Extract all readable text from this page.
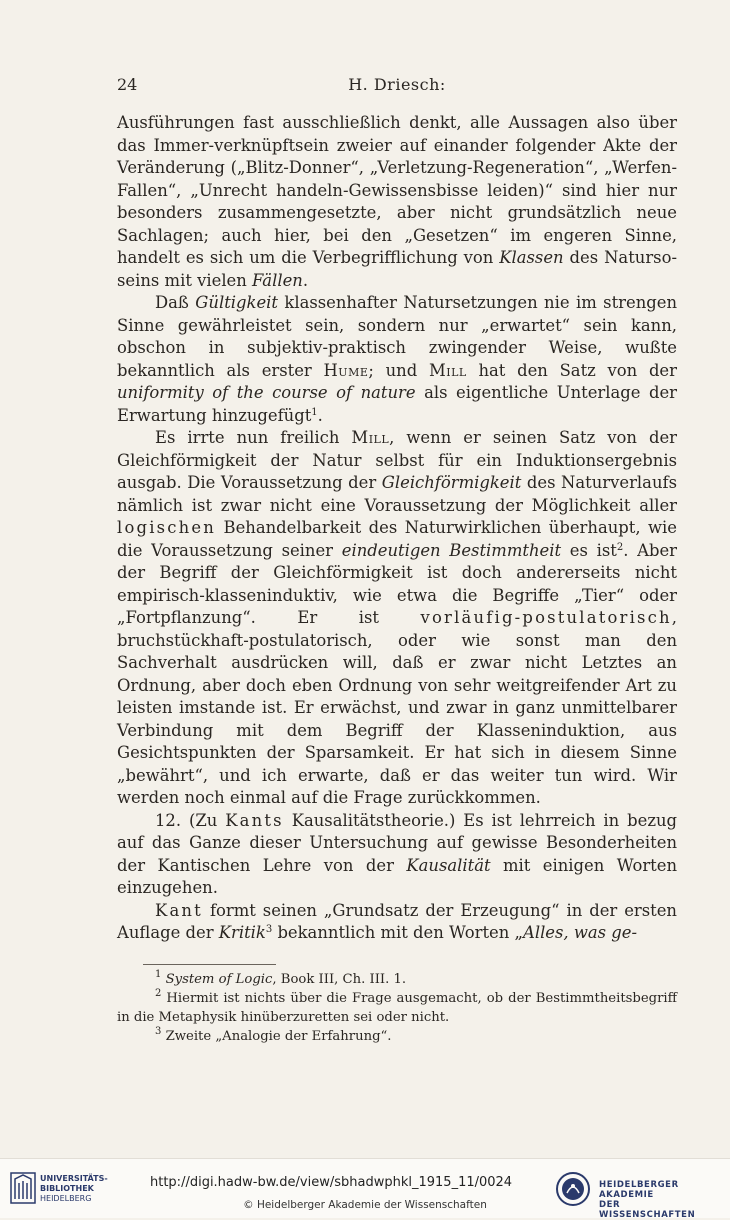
24	H. Driesch:

Ausführungen fast ausschließlich denkt, alle Aussagen also über das Immer-verknüpftsein zweier auf einander folgender Akte der Veränderung („Blitz-Donner“, „Verletzung-Regeneration“, „Werfen-Fallen“, „Unrecht handeln-Gewissensbisse leiden)“ sind hier nur besonders zusammengesetzte, aber nicht grundsätzlich neue Sachlagen; auch hier, bei den „Gesetzen“ im engeren Sinne, handelt es sich um die Verbegrifflichung von Klassen des Naturso-seins mit vielen Fällen.

Daß Gültigkeit klassenhafter Natursetzungen nie im strengen Sinne gewährleistet sein, sondern nur „erwartet“ sein kann, obschon in subjektiv-praktisch zwingender Weise, wußte bekanntlich als erster Hume; und Mill hat den Satz von der uniformity of the course of nature als eigentliche Unterlage der Erwartung hinzugefügt$^1$.

Es irrte nun freilich Mill, wenn er seinen Satz von der Gleichförmigkeit der Natur selbst für ein Induktionsergebnis ausgab. Die Voraussetzung der Gleichförmigkeit des Naturverlaufs nämlich ist zwar nicht eine Voraussetzung der Möglichkeit aller logischen Behandelbarkeit des Naturwirklichen überhaupt, wie die Voraussetzung seiner eindeutigen Bestimmtheit es ist$^2$. Aber der Begriff der Gleichförmigkeit ist doch andererseits nicht empirisch-klasseninduktiv, wie etwa die Begriffe „Tier“ oder „Fortpflanzung“. Er ist	vorläufig-postulatorisch, bruchstückhaft-postulatorisch, oder wie sonst man den Sachverhalt ausdrücken will, daß er zwar nicht Letztes an Ordnung, aber doch eben Ordnung von sehr weitgreifender Art zu leisten imstande ist. Er erwächst, und zwar in ganz unmittelbarer Verbindung mit dem Begriff der Klasseninduktion, aus Gesichtspunkten der Sparsamkeit. Er hat sich in diesem Sinne „bewährt“, und ich erwarte, daß er das weiter tun wird. Wir werden noch einmal auf die Frage zurückkommen.

12. (Zu Kants Kausalitätstheorie.) Es ist lehrreich in bezug auf das Ganze dieser Untersuchung auf gewisse Besonderheiten der Kantischen Lehre von der Kausalität mit einigen Worten einzugehen.

Kant formt seinen „Grundsatz der Erzeugung“ in der ersten Auflage der Kritik$^3$ bekanntlich mit den Worten „Alles, was ge-

$^1$ System of Logic, Book III, Ch. III. 1.

$^2$ Hiermit ist nichts über die Frage ausgemacht, ob der Bestimmtheitsbegriff in die Metaphysik hinüberzuretten sei oder nicht.

$^3$ Zweite „Analogie der Erfahrung“.

UNIVERSITÄTS-
BIBLIOTHEK
HEIDELBERG
http://digi.hadw-bw.de/view/sbhadwphkl_1915_11/0024
© Heidelberger Akademie der Wissenschaften
HEIDELBERGER AKADEMIE
DER WISSENSCHAFTEN
